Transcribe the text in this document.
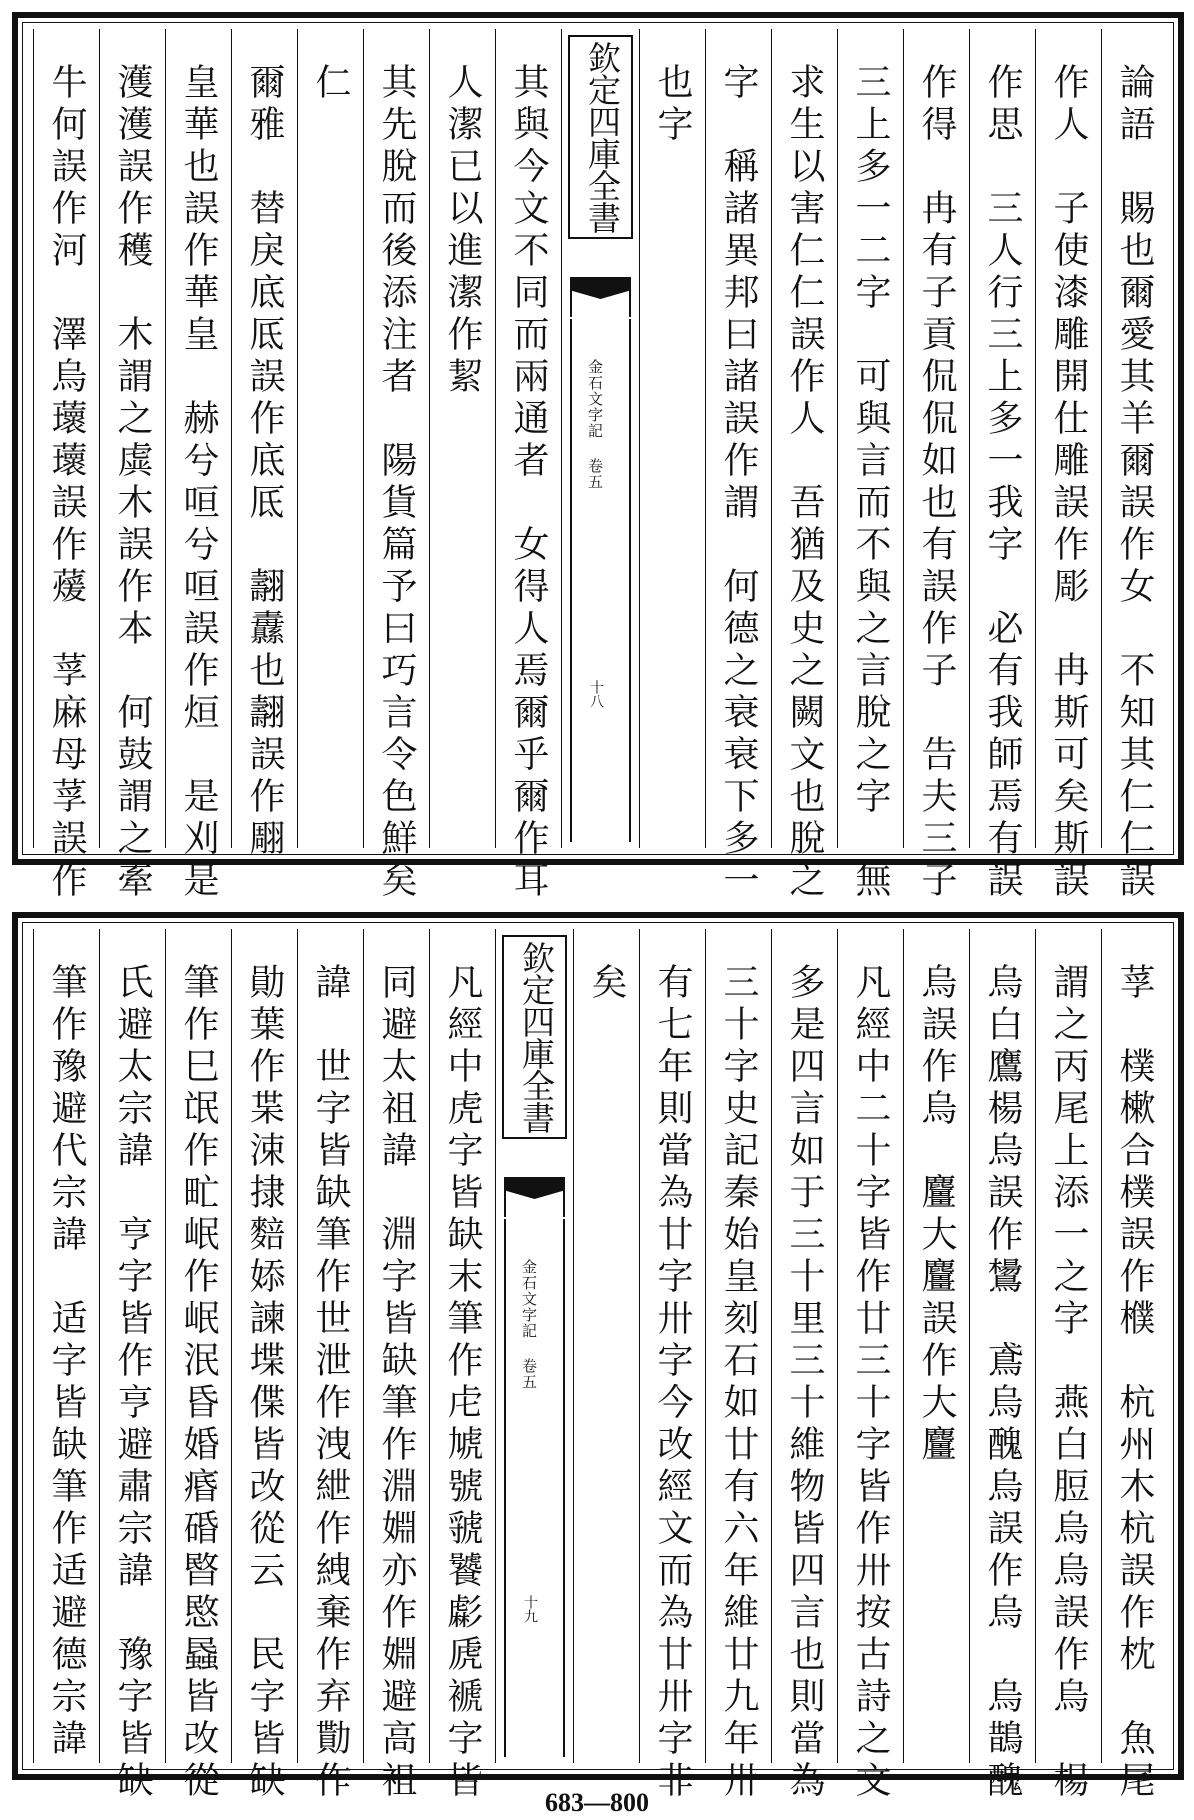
論語　賜也爾愛其羊爾誤作女　不知其仁仁誤
作人　子使漆雕開仕雕誤作彫　冉斯可矣斯誤
作思　三人行三上多一我字　必有我師焉有誤
作得　冉有子貢侃侃如也有誤作子　告夫三子
三上多一二字　可與言而不與之言脫之字　無
求生以害仁仁誤作人　吾猶及史之闕文也脫之
字　稱諸異邦曰諸誤作謂　何德之衰衰下多一
也字
欽定四庫全書
金石文字記 卷五
十八
其與今文不同而兩通者　女得人焉爾乎爾作耳
人潔已以進潔作絜
其先脫而後添注者　陽貨篇予曰巧言令色鮮矣
仁
爾雅　替戾底厎誤作底厎　翿纛也翿誤作翢
皇華也誤作華皇　赫兮咺兮咺誤作烜　是刈是
濩濩誤作穫　木謂之虡木誤作本　何鼓謂之牽
牛何誤作河　澤烏蘾蘾誤作蕿　莩麻母莩誤作
莩　樸樕合樸誤作㯷　杭州木杭誤作枕　魚尾
謂之丙尾上添一之字　燕白脰烏烏誤作烏　楊
烏白鷹楊烏誤作鸉　鳶烏醜烏誤作烏　烏鵲醜
烏誤作烏　麠大麠誤作大麠
凡經中二十字皆作廿三十字皆作卅按古詩之文
多是四言如于三十里三十維物皆四言也則當為
三十字史記秦始皇刻石如廿有六年維廿九年卅
有七年則當為廿字卅字今改經文而為廿卅字非
矣
欽定四庫全書
金石文字記 卷五
十九
凡經中虎字皆缺末筆作虍虓號虢饕虨虒褫字皆
同避太祖諱　淵字皆缺筆作淵婣亦作婣避高祖
諱　世字皆缺筆作世泄作洩紲作絏棄作弃勩作
勛葉作枼涑捸䴺婖諫堞偞皆改從云　民字皆缺
筆作巳氓作甿岷作岷泯昏婚痻碈暋愍蟁皆改從
氏避太宗諱　亨字皆作亨避肅宗諱　豫字皆缺
筆作豫避代宗諱　适字皆缺筆作适避德宗諱
683—800
